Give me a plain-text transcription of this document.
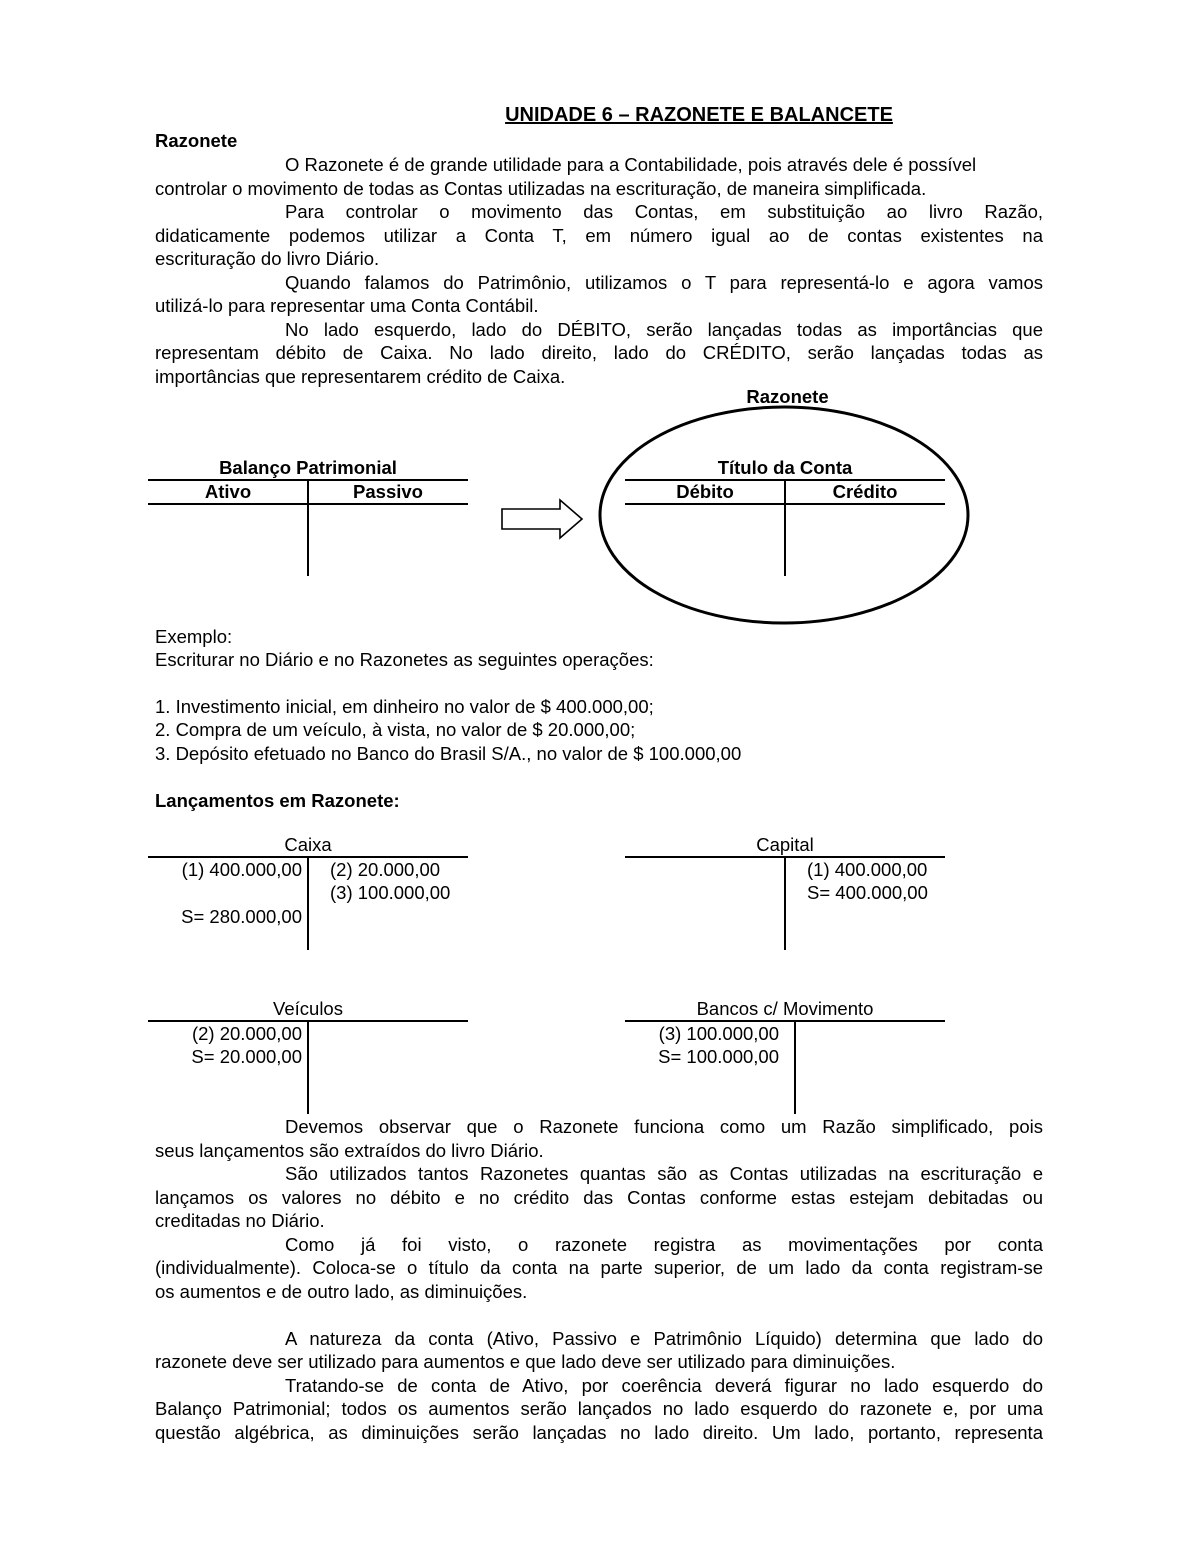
UNIDADE 6 – RAZONETE E BALANCETE
Razonete
O Razonete é de grande utilidade para a Contabilidade, pois através dele é possível
controlar o movimento de todas as Contas utilizadas na escrituração, de maneira simplificada.
Para controlar o movimento das Contas, em substituição ao livro Razão,
didaticamente podemos utilizar a Conta T, em número igual ao de contas existentes na
escrituração do livro Diário.
Quando falamos do Patrimônio, utilizamos o T para representá-lo e agora vamos
utilizá-lo para representar uma Conta Contábil.
No lado esquerdo, lado do DÉBITO, serão lançadas todas as importâncias que
representam débito de Caixa. No lado direito, lado do CRÉDITO, serão lançadas todas as
importâncias que representarem crédito de Caixa.
Razonete
Balanço Patrimonial
Ativo	Passivo
Título da Conta
Débito	Crédito
Exemplo:
Escriturar no Diário e no Razonetes as seguintes operações:
1. Investimento inicial, em dinheiro no valor de $ 400.000,00;
2. Compra de um veículo, à vista, no valor de $ 20.000,00;
3. Depósito efetuado no Banco do Brasil S/A., no valor de $ 100.000,00
Lançamentos em Razonete:
Caixa
(1) 400.000,00
S= 280.000,00
(2) 20.000,00
(3) 100.000,00
Capital
(1) 400.000,00
S= 400.000,00
Veículos
(2) 20.000,00
S= 20.000,00
Bancos c/ Movimento
(3) 100.000,00
S= 100.000,00
Devemos observar que o Razonete funciona como um Razão simplificado, pois
seus lançamentos são extraídos do livro Diário.
São utilizados tantos Razonetes quantas são as Contas utilizadas na escrituração e
lançamos os valores no débito e no crédito das Contas conforme estas estejam debitadas ou
creditadas no Diário.
Como já foi visto, o razonete registra as movimentações por conta
(individualmente). Coloca-se o título da conta na parte superior, de um lado da conta registram-se
os aumentos e de outro lado, as diminuições.
A natureza da conta (Ativo, Passivo e Patrimônio Líquido) determina que lado do
razonete deve ser utilizado para aumentos e que lado deve ser utilizado para diminuições.
Tratando-se de conta de Ativo, por coerência deverá figurar no lado esquerdo do
Balanço Patrimonial; todos os aumentos serão lançados no lado esquerdo do razonete e, por uma
questão algébrica, as diminuições serão lançadas no lado direito. Um lado, portanto, representa
